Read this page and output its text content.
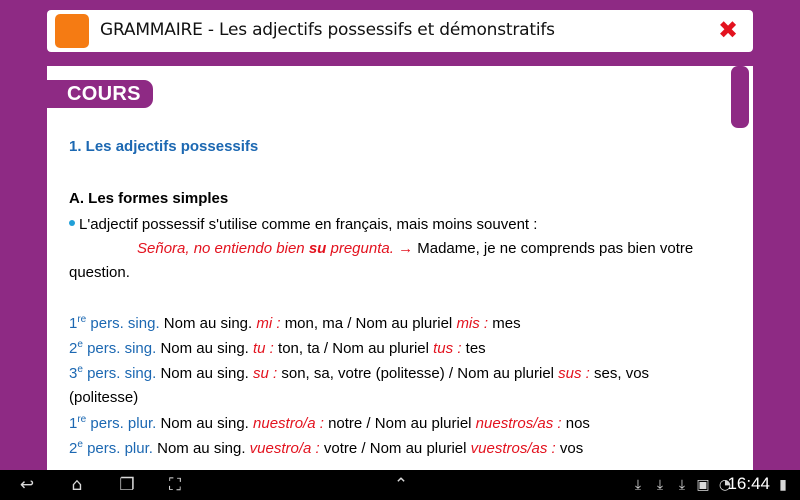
GRAMMAIRE - Les adjectifs possessifs et démonstratifs	✖
COURS
1. Les adjectifs possessifs
A. Les formes simples
L'adjectif possessif s'utilise comme en français, mais moins souvent :
Señora, no entiendo bien su pregunta. → Madame, je ne comprends pas bien votre
question.
1re pers. sing. Nom au sing. mi : mon, ma / Nom au pluriel mis : mes
2e pers. sing. Nom au sing. tu : ton, ta / Nom au pluriel tus : tes
3e pers. sing. Nom au sing. su : son, sa, votre (politesse) / Nom au pluriel sus : ses, vos
(politesse)
1re pers. plur. Nom au sing. nuestro/a : notre / Nom au pluriel nuestros/as : nos
2e pers. plur. Nom au sing. vuestro/a : votre / Nom au pluriel vuestros/as : vos
↩	⌂	❐	⛶	⌃	⤓	⤓	⤓ ▣ ◔
16:44 ▮
